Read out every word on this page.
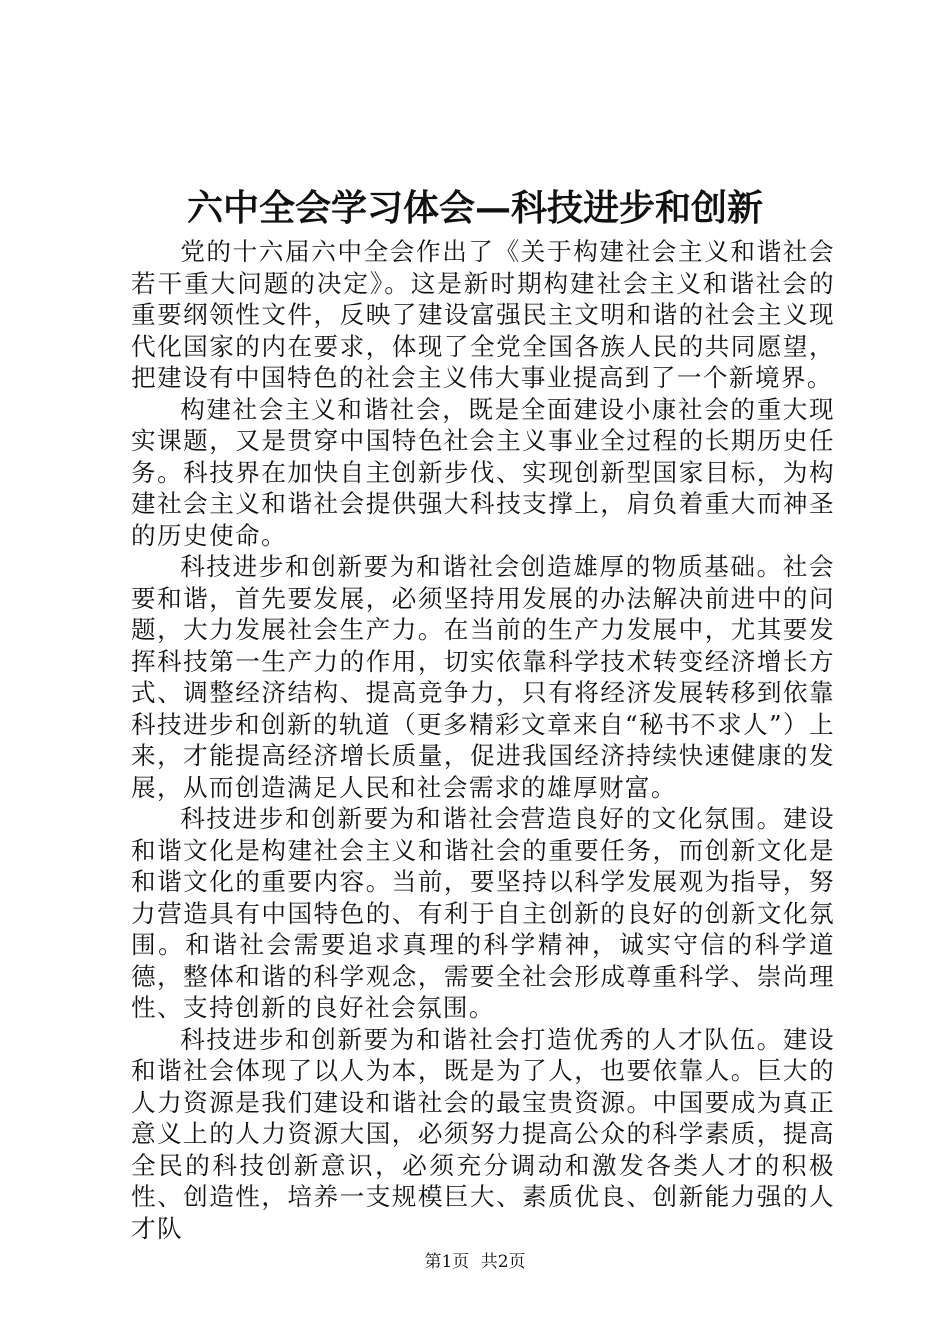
六中全会学习体会—科技进步和创新

党的十六届六中全会作出了《关于构建社会主义和谐社会若干重大问题的决定》。这是新时期构建社会主义和谐社会的重要纲领性文件，反映了建设富强民主文明和谐的社会主义现代化国家的内在要求，体现了全党全国各族人民的共同愿望，把建设有中国特色的社会主义伟大事业提高到了一个新境界。

构建社会主义和谐社会，既是全面建设小康社会的重大现实课题，又是贯穿中国特色社会主义事业全过程的长期历史任务。科技界在加快自主创新步伐、实现创新型国家目标，为构建社会主义和谐社会提供强大科技支撑上，肩负着重大而神圣的历史使命。

科技进步和创新要为和谐社会创造雄厚的物质基础。社会要和谐，首先要发展，必须坚持用发展的办法解决前进中的问题，大力发展社会生产力。在当前的生产力发展中，尤其要发挥科技第一生产力的作用，切实依靠科学技术转变经济增长方式、调整经济结构、提高竞争力，只有将经济发展转移到依靠科技进步和创新的轨道（更多精彩文章来自“秘书不求人”）上来，才能提高经济增长质量，促进我国经济持续快速健康的发展，从而创造满足人民和社会需求的雄厚财富。

科技进步和创新要为和谐社会营造良好的文化氛围。建设和谐文化是构建社会主义和谐社会的重要任务，而创新文化是和谐文化的重要内容。当前，要坚持以科学发展观为指导，努力营造具有中国特色的、有利于自主创新的良好的创新文化氛围。和谐社会需要追求真理的科学精神，诚实守信的科学道德，整体和谐的科学观念，需要全社会形成尊重科学、崇尚理性、支持创新的良好社会氛围。

科技进步和创新要为和谐社会打造优秀的人才队伍。建设和谐社会体现了以人为本，既是为了人，也要依靠人。巨大的人力资源是我们建设和谐社会的最宝贵资源。中国要成为真正意义上的人力资源大国，必须努力提高公众的科学素质，提高全民的科技创新意识，必须充分调动和激发各类人才的积极性、创造性，培养一支规模巨大、素质优良、创新能力强的人才队

第1页 共2页
